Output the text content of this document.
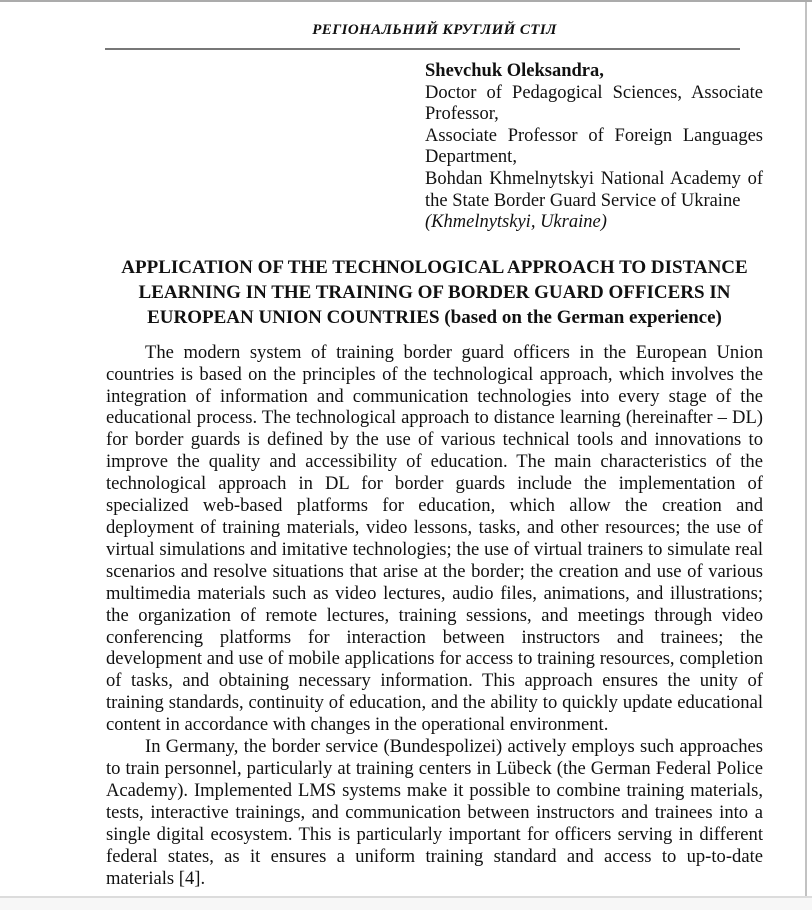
РЕГІОНАЛЬНИЙ КРУГЛИЙ СТІЛ
Shevchuk Oleksandra,

Doctor of Pedagogical Sciences, Associate Professor,

Associate Professor of Foreign Languages Department,

Bohdan Khmelnytskyi National Academy of the State Border Guard Service of Ukraine

(Khmelnytskyi, Ukraine)
APPLICATION OF THE TECHNOLOGICAL APPROACH TO DISTANCE LEARNING IN THE TRAINING OF BORDER GUARD OFFICERS IN EUROPEAN UNION COUNTRIES (based on the German experience)

The modern system of training border guard officers in the European Union countries is based on the principles of the technological approach, which involves the integration of information and communication technologies into every stage of the educational process. The technological approach to distance learning (hereinafter – DL) for border guards is defined by the use of various technical tools and innovations to improve the quality and accessibility of education. The main characteristics of the technological approach in DL for border guards include the implementation of specialized web-based platforms for education, which allow the creation and deployment of training materials, video lessons, tasks, and other resources; the use of virtual simulations and imitative technologies; the use of virtual trainers to simulate real scenarios and resolve situations that arise at the border; the creation and use of various multimedia materials such as video lectures, audio files, animations, and illustrations; the organization of remote lectures, training sessions, and meetings through video conferencing platforms for interaction between instructors and trainees; the development and use of mobile applications for access to training resources, completion of tasks, and obtaining necessary information. This approach ensures the unity of training standards, continuity of education, and the ability to quickly update educational content in accordance with changes in the operational environment.

In Germany, the border service (Bundespolizei) actively employs such approaches to train personnel, particularly at training centers in Lübeck (the German Federal Police Academy). Implemented LMS systems make it possible to combine training materials, tests, interactive trainings, and communication between instructors and trainees into a single digital ecosystem. This is particularly important for officers serving in different federal states, as it ensures a uniform training standard and access to up-to-date materials [4].
